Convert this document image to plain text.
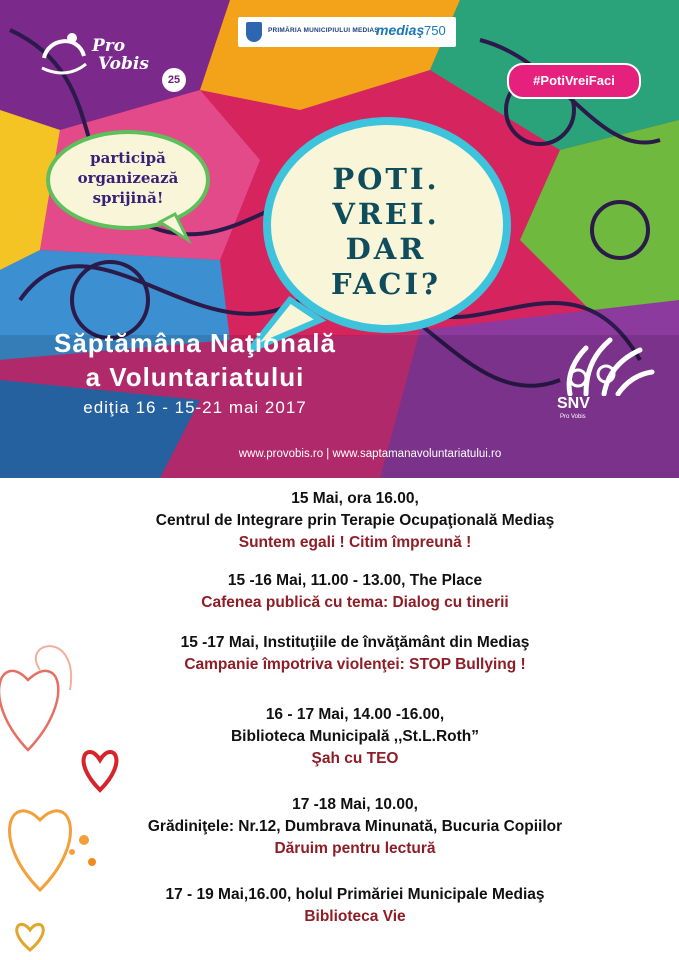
Pro
Vobis
25
PRIMĂRIA MUNICIPIULUI MEDIAŞ
mediaş 750
#PotiVreiFaci
participă
organizează
sprijină!
POTI.
VREI.
DAR
FACI?
Săptămâna Naţională
a Voluntariatului
ediţia 16 - 15-21 mai 2017
www.provobis.ro | www.saptamanavoluntariatului.ro
SNV
Pro Vobis
15 Mai, ora 16.00,
Centrul de Integrare prin Terapie Ocupaţională Mediaş
Suntem egali ! Citim împreună !
15 -16 Mai, 11.00 - 13.00, The Place
Cafenea publică cu tema: Dialog cu tinerii
15 -17 Mai, Instituţiile de învăţământ din Mediaş
Campanie împotriva violenţei: STOP Bullying !
16 - 17 Mai, 14.00 -16.00,
Biblioteca Municipală ,,St.L.Roth”
Şah cu TEO
17 -18 Mai, 10.00,
Grădiniţele: Nr.12, Dumbrava Minunată, Bucuria Copiilor
Dăruim pentru lectură
17 - 19 Mai,16.00, holul Primăriei Municipale Mediaş
Biblioteca Vie
